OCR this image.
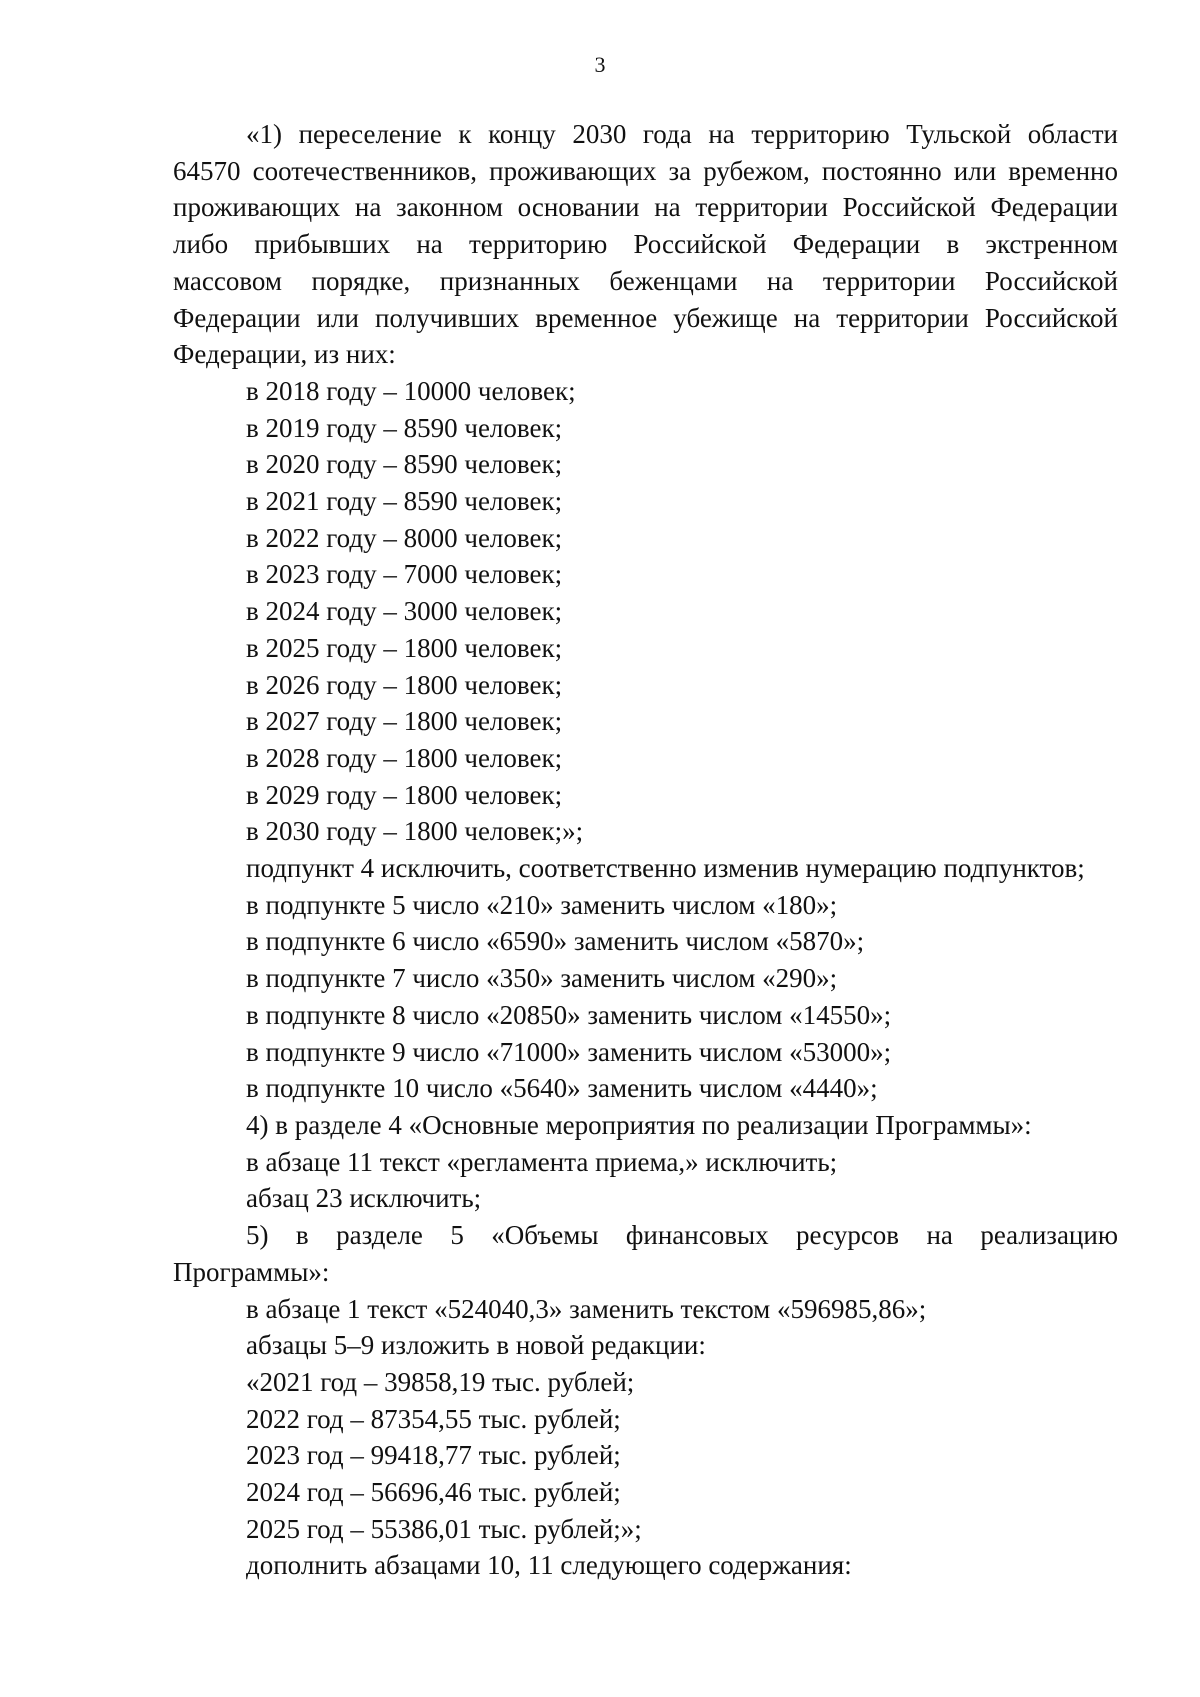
3

«1) переселение к концу 2030 года на территорию Тульской области

64570 соотечественников, проживающих за рубежом, постоянно или временно

проживающих на законном основании на территории Российской Федерации

либо прибывших на территорию Российской Федерации в экстренном

массовом порядке, признанных беженцами на территории Российской

Федерации или получивших временное убежище на территории Российской

Федерации, из них:

в 2018 году – 10000 человек;

в 2019 году – 8590 человек;

в 2020 году – 8590 человек;

в 2021 году – 8590 человек;

в 2022 году – 8000 человек;

в 2023 году – 7000 человек;

в 2024 году – 3000 человек;

в 2025 году – 1800 человек;

в 2026 году – 1800 человек;

в 2027 году – 1800 человек;

в 2028 году – 1800 человек;

в 2029 году – 1800 человек;

в 2030 году – 1800 человек;»;

подпункт 4 исключить, соответственно изменив нумерацию подпунктов;

в подпункте 5 число «210» заменить числом «180»;

в подпункте 6 число «6590» заменить числом «5870»;

в подпункте 7 число «350» заменить числом «290»;

в подпункте 8 число «20850» заменить числом «14550»;

в подпункте 9 число «71000» заменить числом «53000»;

в подпункте 10 число «5640» заменить числом «4440»;

4) в разделе 4 «Основные мероприятия по реализации Программы»:

в абзаце 11 текст «регламента приема,» исключить;

абзац 23 исключить;

5) в разделе 5 «Объемы финансовых ресурсов на реализацию

Программы»:

в абзаце 1 текст «524040,3» заменить текстом «596985,86»;

абзацы 5–9 изложить в новой редакции:

«2021 год – 39858,19 тыс. рублей;

2022 год – 87354,55 тыс. рублей;

2023 год – 99418,77 тыс. рублей;

2024 год – 56696,46 тыс. рублей;

2025 год – 55386,01 тыс. рублей;»;

дополнить абзацами 10, 11 следующего содержания:
